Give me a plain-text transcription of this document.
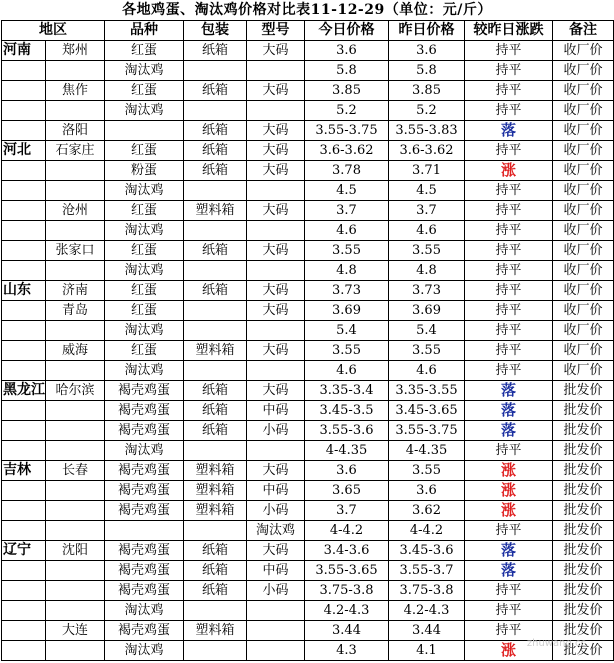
各地鸡蛋、淘汰鸡价格对比表11-12-29（单位：元/斤）
地区		品种	包装	型号	今日价格	昨日价格	较昨日涨跌	备注
河南	郑州	红蛋	纸箱	大码	3.6	3.6	持平	收厂价
		淘汰鸡			5.8	5.8	持平	收厂价
	焦作	红蛋	纸箱	大码	3.85	3.85	持平	收厂价
		淘汰鸡			5.2	5.2	持平	收厂价
	洛阳		纸箱	大码	3.55-3.75	3.55-3.83	落	收厂价
河北	石家庄	红蛋	纸箱	大码	3.6-3.62	3.6-3.62	持平	收厂价
		粉蛋	纸箱	大码	3.78	3.71	涨	收厂价
		淘汰鸡			4.5	4.5	持平	收厂价
	沧州	红蛋	塑料箱	大码	3.7	3.7	持平	收厂价
		淘汰鸡			4.6	4.6	持平	收厂价
	张家口	红蛋	纸箱	大码	3.55	3.55	持平	收厂价
		淘汰鸡			4.8	4.8	持平	收厂价
山东	济南	红蛋	纸箱	大码	3.73	3.73	持平	收厂价
	青岛	红蛋		大码	3.69	3.69	持平	收厂价
		淘汰鸡			5.4	5.4	持平	收厂价
	威海	红蛋	塑料箱	大码	3.55	3.55	持平	收厂价
		淘汰鸡			4.6	4.6	持平	收厂价
黑龙江	哈尔滨	褐壳鸡蛋	纸箱	大码	3.35-3.4	3.35-3.55	落	批发价
		褐壳鸡蛋	纸箱	中码	3.45-3.5	3.45-3.65	落	批发价
		褐壳鸡蛋	纸箱	小码	3.55-3.6	3.55-3.75	落	批发价
		淘汰鸡			4-4.35	4-4.35	持平	批发价
吉林	长春	褐壳鸡蛋	塑料箱	大码	3.6	3.55	涨	批发价
		褐壳鸡蛋	塑料箱	中码	3.65	3.6	涨	批发价
		褐壳鸡蛋	塑料箱	小码	3.7	3.62	涨	批发价
				淘汰鸡	4-4.2	4-4.2	持平	批发价
辽宁	沈阳	褐壳鸡蛋	纸箱	大码	3.4-3.6	3.45-3.6	落	批发价
		褐壳鸡蛋	纸箱	中码	3.55-3.65	3.55-3.7	落	批发价
		褐壳鸡蛋	纸箱	小码	3.75-3.8	3.75-3.8	持平	批发价
		淘汰鸡			4.2-4.3	4.2-4.3	持平	批发价
	大连	褐壳鸡蛋	塑料箱		3.44	3.44	持平	批发价
		淘汰鸡			4.3	4.1	涨	批发价
zhuwang.cc
